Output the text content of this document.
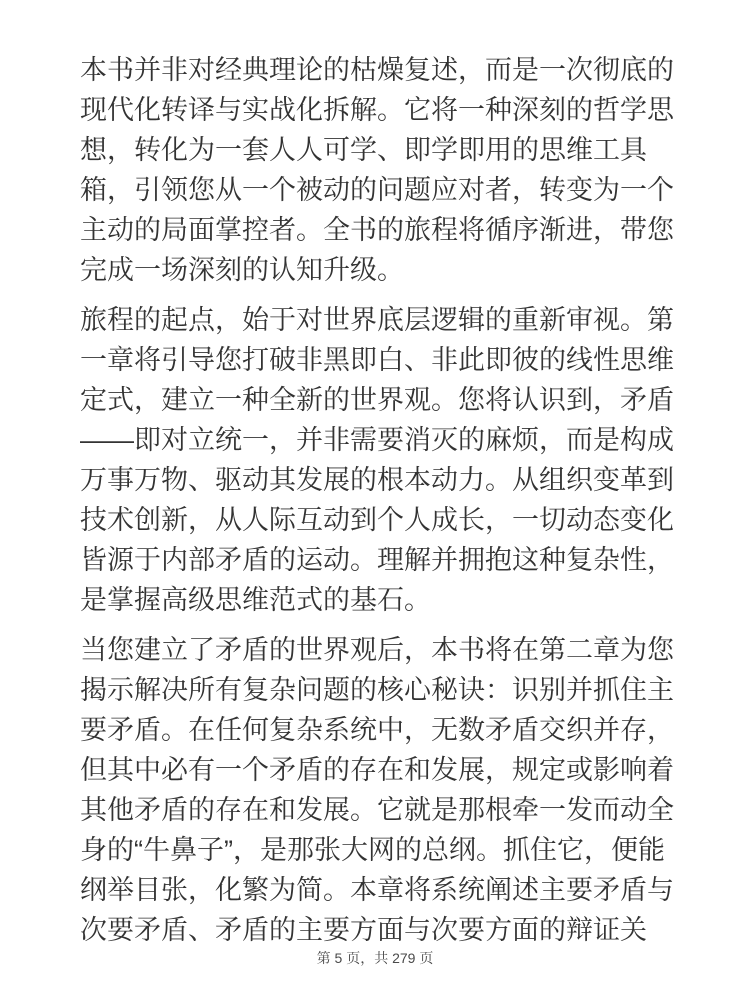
本书并非对经典理论的枯燥复述，而是一次彻底的现代化转译与实战化拆解。它将一种深刻的哲学思想，转化为一套人人可学、即学即用的思维工具箱，引领您从一个被动的问题应对者，转变为一个主动的局面掌控者。全书的旅程将循序渐进，带您完成一场深刻的认知升级。

旅程的起点，始于对世界底层逻辑的重新审视。第一章将引导您打破非黑即白、非此即彼的线性思维定式，建立一种全新的世界观。您将认识到，矛盾——即对立统一，并非需要消灭的麻烦，而是构成万事万物、驱动其发展的根本动力。从组织变革到技术创新，从人际互动到个人成长，一切动态变化皆源于内部矛盾的运动。理解并拥抱这种复杂性，是掌握高级思维范式的基石。

当您建立了矛盾的世界观后，本书将在第二章为您揭示解决所有复杂问题的核心秘诀：识别并抓住主要矛盾。在任何复杂系统中，无数矛盾交织并存，但其中必有一个矛盾的存在和发展，规定或影响着其他矛盾的存在和发展。它就是那根牵一发而动全身的“牛鼻子”，是那张大网的总纲。抓住它，便能纲举目张，化繁为简。本章将系统阐述主要矛盾与次要矛盾、矛盾的主要方面与次要方面的辩证关

第 5 页，共 279 页
